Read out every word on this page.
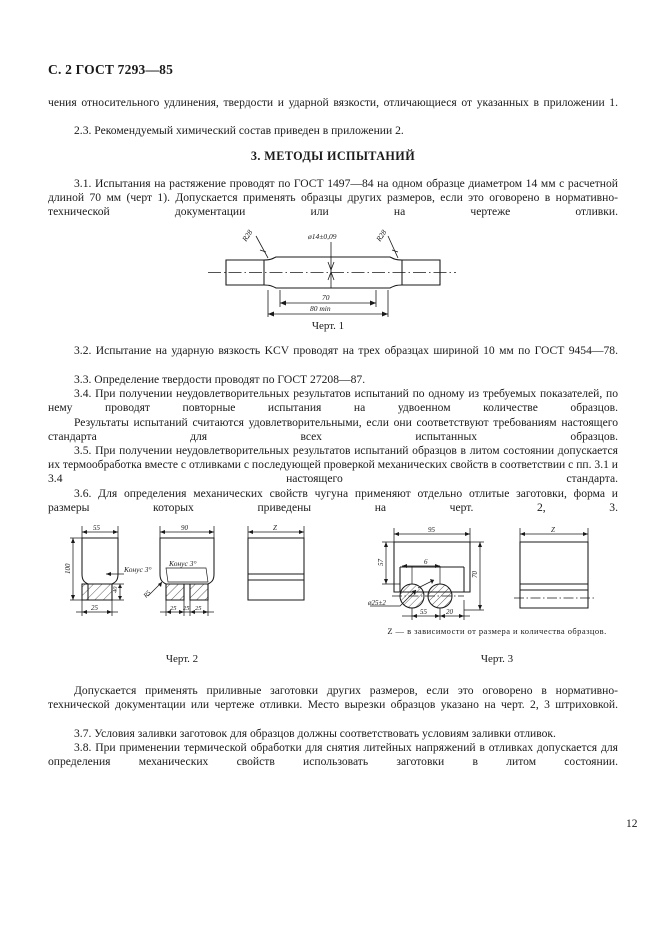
С. 2 ГОСТ 7293—85

чения относительного удлинения, твердости и ударной вязкости, отличающиеся от указанных в приложении 1.

2.3. Рекомендуемый химический состав приведен в приложении 2.

3. МЕТОДЫ ИСПЫТАНИЙ

3.1. Испытания на растяжение проводят по ГОСТ 1497—84 на одном образце диаметром 14 мм с расчетной длиной 70 мм (черт 1). Допускается применять образцы других размеров, если это оговорено в нормативно-технической документации или на чертеже отливки.

R28	R28
ø14±0,09
70
80 min
Черт. 1

3.2. Испытание на ударную вязкость KCV проводят на трех образцах шириной 10 мм по ГОСТ 9454—78.

3.3. Определение твердости проводят по ГОСТ 27208—87.

3.4. При получении неудовлетворительных результатов испытаний по одному из требуемых показателей, по нему проводят повторные испытания на удвоенном количестве образцов.

Результаты испытаний считаются удовлетворительными, если они соответствуют требованиям настоящего стандарта для всех испытанных образцов.

3.5. При получении неудовлетворительных результатов испытаний образцов в литом состоянии допускается их термообработка вместе с отливками с последующей проверкой механических свойств в соответствии с пп. 3.1 и 3.4 настоящего стандарта.

3.6. Для определения механических свойств чугуна применяют отдельно отлитые заготовки, форма и размеры которых приведены на черт. 2, 3.

55
100
40
25
Конус 3°
90
Конус 3°
R5
25 25 25
Z	95
57
70
6
ø25±2
55	20
Z
Z — в зависимости от размера и количества образцов.
Черт. 2	Черт. 3

Допускается применять приливные заготовки других размеров, если это оговорено в нормативно-технической документации или чертеже отливки. Место вырезки образцов указано на черт. 2, 3 штриховкой.

3.7. Условия заливки заготовок для образцов должны соответствовать условиям заливки отливок.

3.8. При применении термической обработки для снятия литейных напряжений в отливках допускается для определения механических свойств использовать заготовки в литом состоянии.

12
